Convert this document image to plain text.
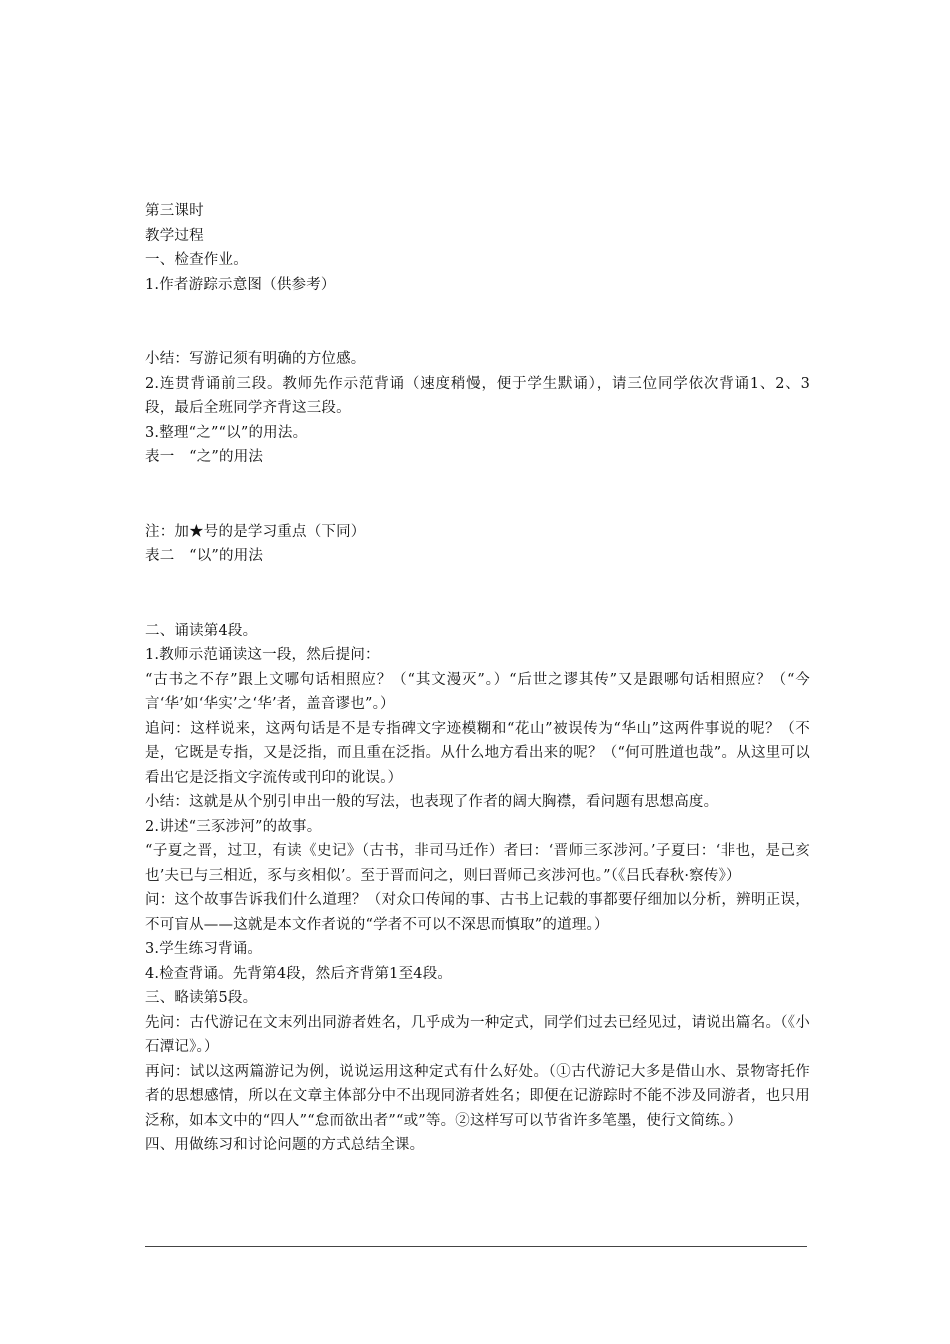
第三课时
教学过程
一、检查作业。
1.作者游踪示意图（供参考）
小结：写游记须有明确的方位感。
2.连贯背诵前三段。教师先作示范背诵（速度稍慢，便于学生默诵），请三位同学依次背诵1、2、3段，最后全班同学齐背这三段。
3.整理“之”“以”的用法。
表一　“之”的用法
注：加★号的是学习重点（下同）
表二　“以”的用法
二、诵读第4段。
1.教师示范诵读这一段，然后提问：
“古书之不存”跟上文哪句话相照应？（“其文漫灭”。）“后世之谬其传”又是跟哪句话相照应？（“今言‘华’如‘华实’之‘华’者，盖音谬也”。）
追问：这样说来，这两句话是不是专指碑文字迹模糊和“花山”被误传为“华山”这两件事说的呢？（不是，它既是专指，又是泛指，而且重在泛指。从什么地方看出来的呢？（“何可胜道也哉”。从这里可以看出它是泛指文字流传或刊印的讹误。）
小结：这就是从个别引申出一般的写法，也表现了作者的阔大胸襟，看问题有思想高度。
2.讲述“三豕涉河”的故事。
“子夏之晋，过卫，有读《史记》（古书，非司马迁作）者曰：‘晋师三豕涉河。’子夏曰：‘非也，是己亥也’夫已与三相近，豕与亥相似’。至于晋而问之，则曰晋师己亥涉河也。”（《吕氏春秋·察传》）
问：这个故事告诉我们什么道理？（对众口传闻的事、古书上记载的事都要仔细加以分析，辨明正误，不可盲从——这就是本文作者说的“学者不可以不深思而慎取”的道理。）
3.学生练习背诵。
4.检查背诵。先背第4段，然后齐背第1至4段。
三、略读第5段。
先问：古代游记在文末列出同游者姓名，几乎成为一种定式，同学们过去已经见过，请说出篇名。（《小石潭记》。）
再问：试以这两篇游记为例，说说运用这种定式有什么好处。（①古代游记大多是借山水、景物寄托作者的思想感情，所以在文章主体部分中不出现同游者姓名；即便在记游踪时不能不涉及同游者，也只用泛称，如本文中的“四人”“怠而欲出者”“或”等。②这样写可以节省许多笔墨，使行文简练。）
四、用做练习和讨论问题的方式总结全课。
